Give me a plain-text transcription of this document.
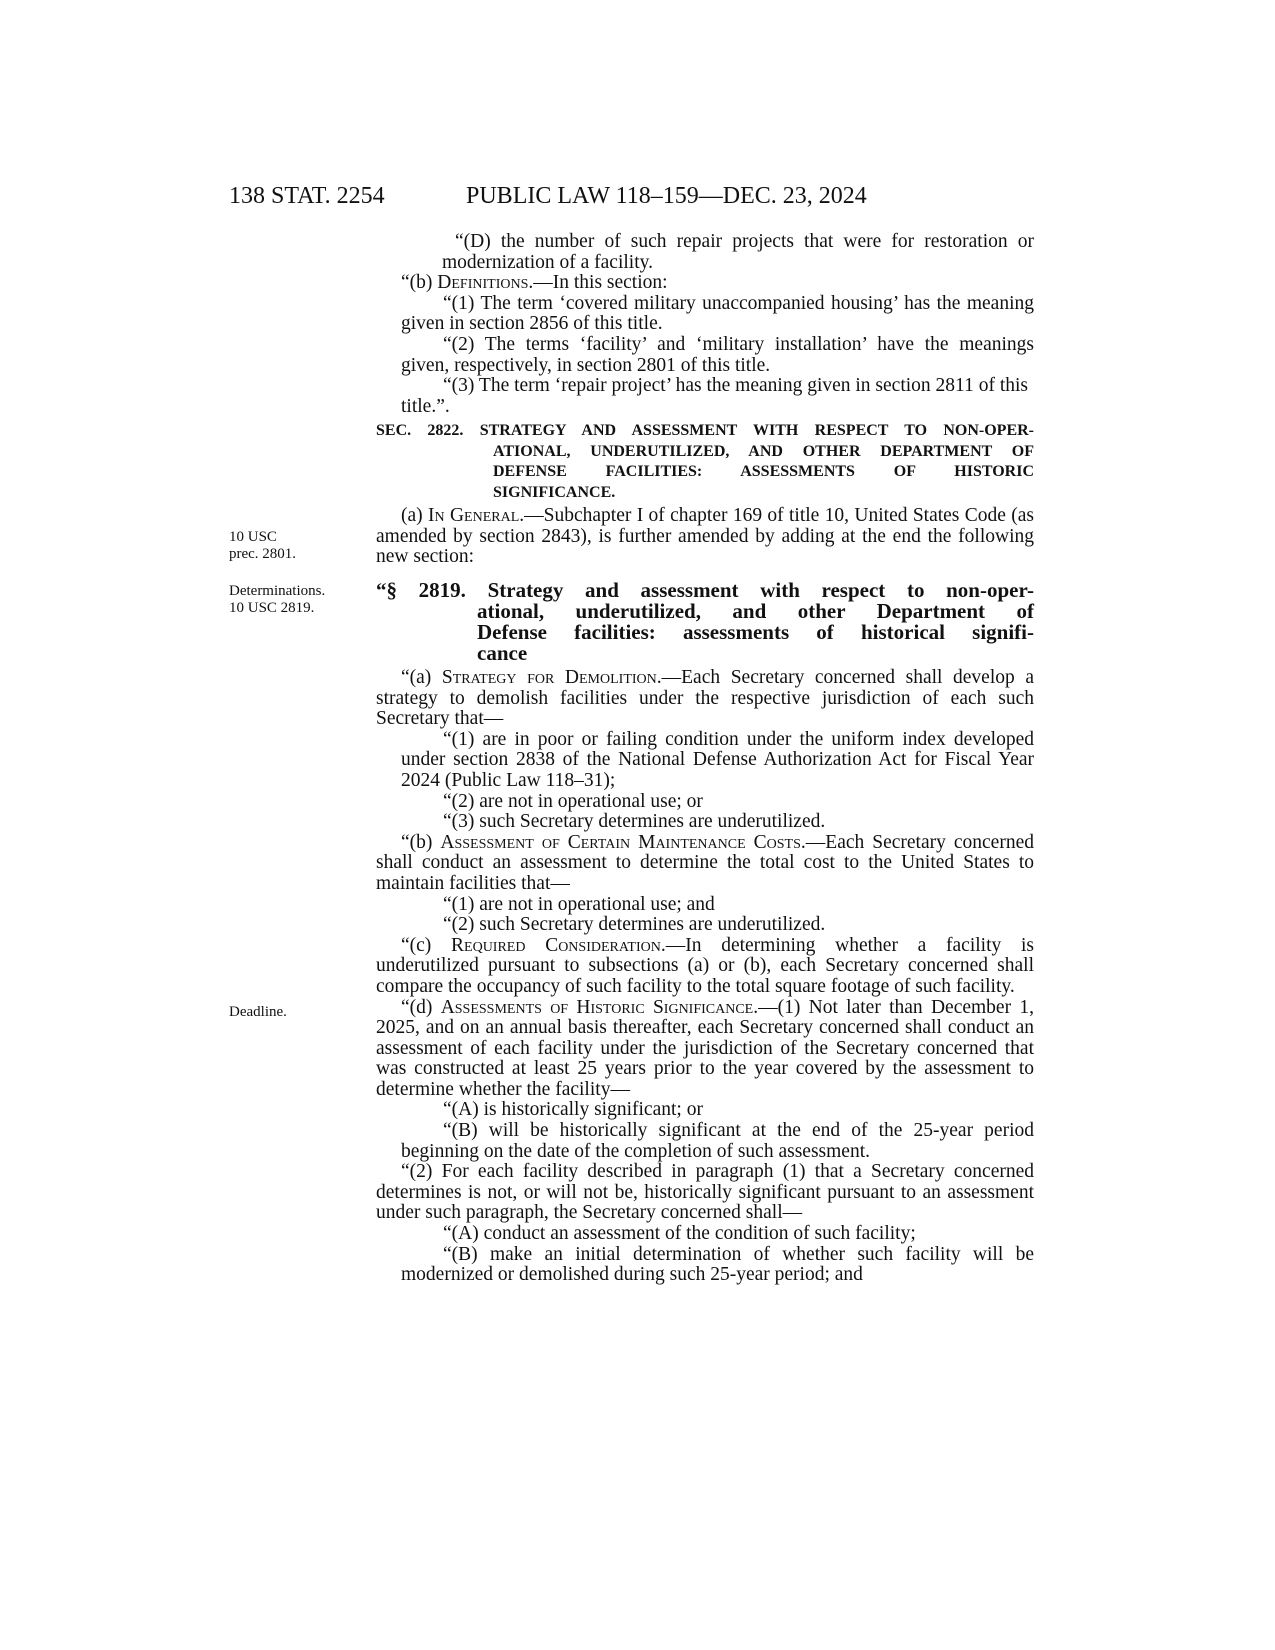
138 STAT. 2254	PUBLIC LAW 118–159—DEC. 23, 2024
10 USC
prec. 2801.
Determinations.
10 USC 2819.
Deadline.

“(D) the number of such repair projects that were for restoration or modernization of a facility.

“(b) Definitions.—In this section:

“(1) The term ‘covered military unaccompanied housing’ has the meaning given in section 2856 of this title.

“(2) The terms ‘facility’ and ‘military installation’ have the meanings given, respectively, in section 2801 of this title.

“(3) The term ‘repair project’ has the meaning given in section 2811 of this title.”.

SEC. 2822. STRATEGY AND ASSESSMENT WITH RESPECT TO NON-OPER-
ATIONAL, UNDERUTILIZED, AND OTHER DEPARTMENT OF
DEFENSE FACILITIES: ASSESSMENTS OF HISTORIC
SIGNIFICANCE.

(a) In General.—Subchapter I of chapter 169 of title 10, United States Code (as amended by section 2843), is further amended by adding at the end the following new section:

“§ 2819. Strategy and assessment with respect to non-oper-
ational, underutilized, and other Department of
Defense facilities: assessments of historical signifi-
cance

“(a) Strategy for Demolition.—Each Secretary concerned shall develop a strategy to demolish facilities under the respective jurisdiction of each such Secretary that—

“(1) are in poor or failing condition under the uniform index developed under section 2838 of the National Defense Authorization Act for Fiscal Year 2024 (Public Law 118–31);

“(2) are not in operational use; or

“(3) such Secretary determines are underutilized.

“(b) Assessment of Certain Maintenance Costs.—Each Secretary concerned shall conduct an assessment to determine the total cost to the United States to maintain facilities that—

“(1) are not in operational use; and

“(2) such Secretary determines are underutilized.

“(c) Required Consideration.—In determining whether a facility is underutilized pursuant to subsections (a) or (b), each Secretary concerned shall compare the occupancy of such facility to the total square footage of such facility.

“(d) Assessments of Historic Significance.—(1) Not later than December 1, 2025, and on an annual basis thereafter, each Secretary concerned shall conduct an assessment of each facility under the jurisdiction of the Secretary concerned that was constructed at least 25 years prior to the year covered by the assessment to determine whether the facility—

“(A) is historically significant; or

“(B) will be historically significant at the end of the 25-year period beginning on the date of the completion of such assessment.

“(2) For each facility described in paragraph (1) that a Secretary concerned determines is not, or will not be, historically significant pursuant to an assessment under such paragraph, the Secretary concerned shall—

“(A) conduct an assessment of the condition of such facility;

“(B) make an initial determination of whether such facility will be modernized or demolished during such 25-year period; and
